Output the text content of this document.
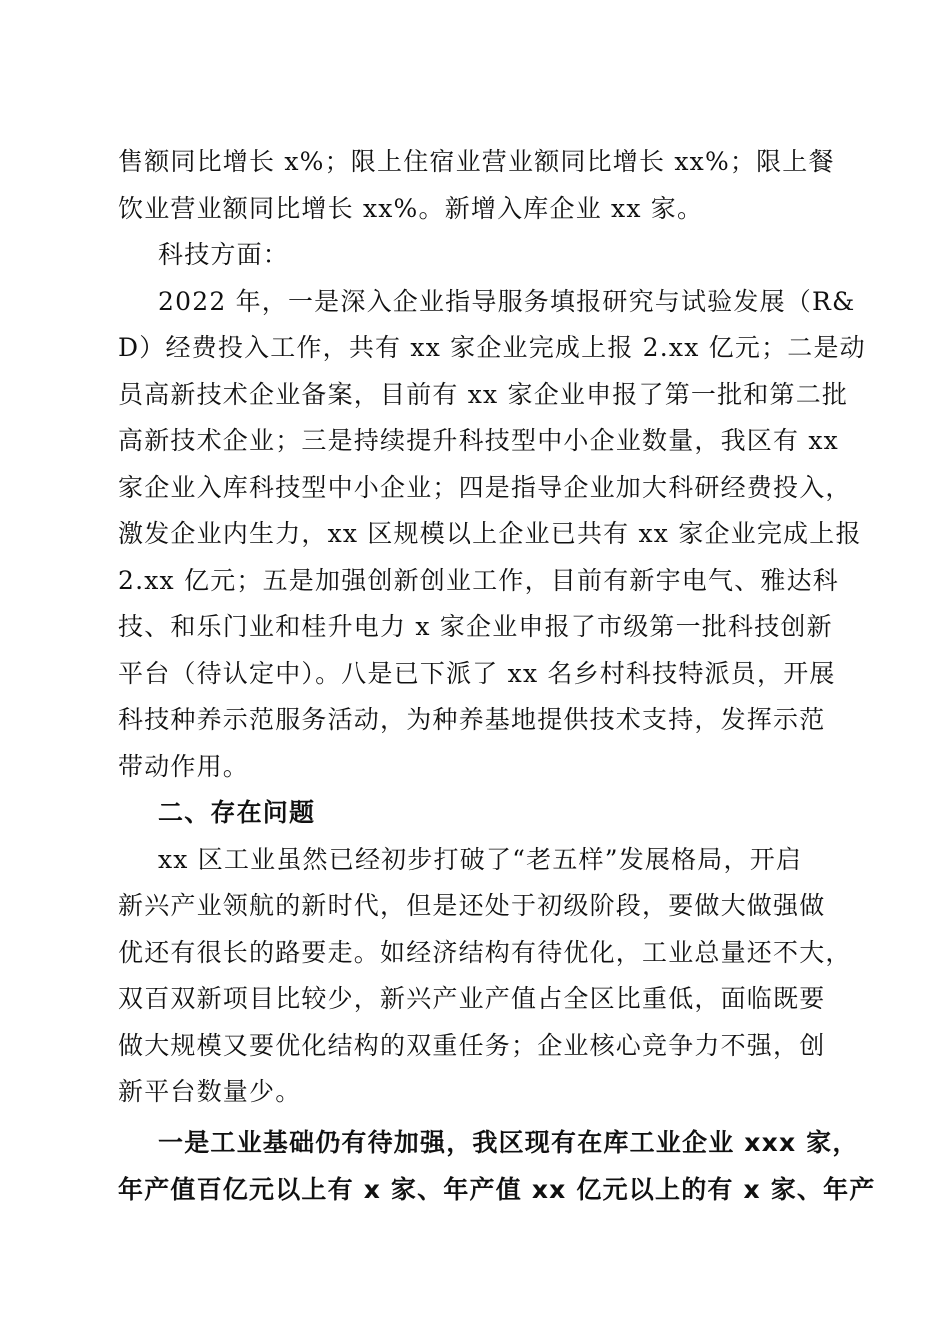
售额同比增长 x%；限上住宿业营业额同比增长 xx%；限上餐
饮业营业额同比增长 xx%。新增入库企业 xx 家。
科技方面：
2022 年，一是深入企业指导服务填报研究与试验发展（R&
D）经费投入工作，共有 xx 家企业完成上报 2.xx 亿元；二是动
员高新技术企业备案，目前有 xx 家企业申报了第一批和第二批
高新技术企业；三是持续提升科技型中小企业数量，我区有 xx
家企业入库科技型中小企业；四是指导企业加大科研经费投入，
激发企业内生力，xx 区规模以上企业已共有 xx 家企业完成上报
2.xx 亿元；五是加强创新创业工作，目前有新宇电气、雅达科
技、和乐门业和桂升电力 x 家企业申报了市级第一批科技创新
平台（待认定中）。八是已下派了 xx 名乡村科技特派员，开展
科技种养示范服务活动，为种养基地提供技术支持，发挥示范
带动作用。
二、存在问题
xx 区工业虽然已经初步打破了“老五样”发展格局，开启
新兴产业领航的新时代，但是还处于初级阶段，要做大做强做
优还有很长的路要走。如经济结构有待优化，工业总量还不大，
双百双新项目比较少，新兴产业产值占全区比重低，面临既要
做大规模又要优化结构的双重任务；企业核心竞争力不强，创
新平台数量少。
一是工业基础仍有待加强，我区现有在库工业企业 xxx 家，
年产值百亿元以上有 x 家、年产值 xx 亿元以上的有 x 家、年产
